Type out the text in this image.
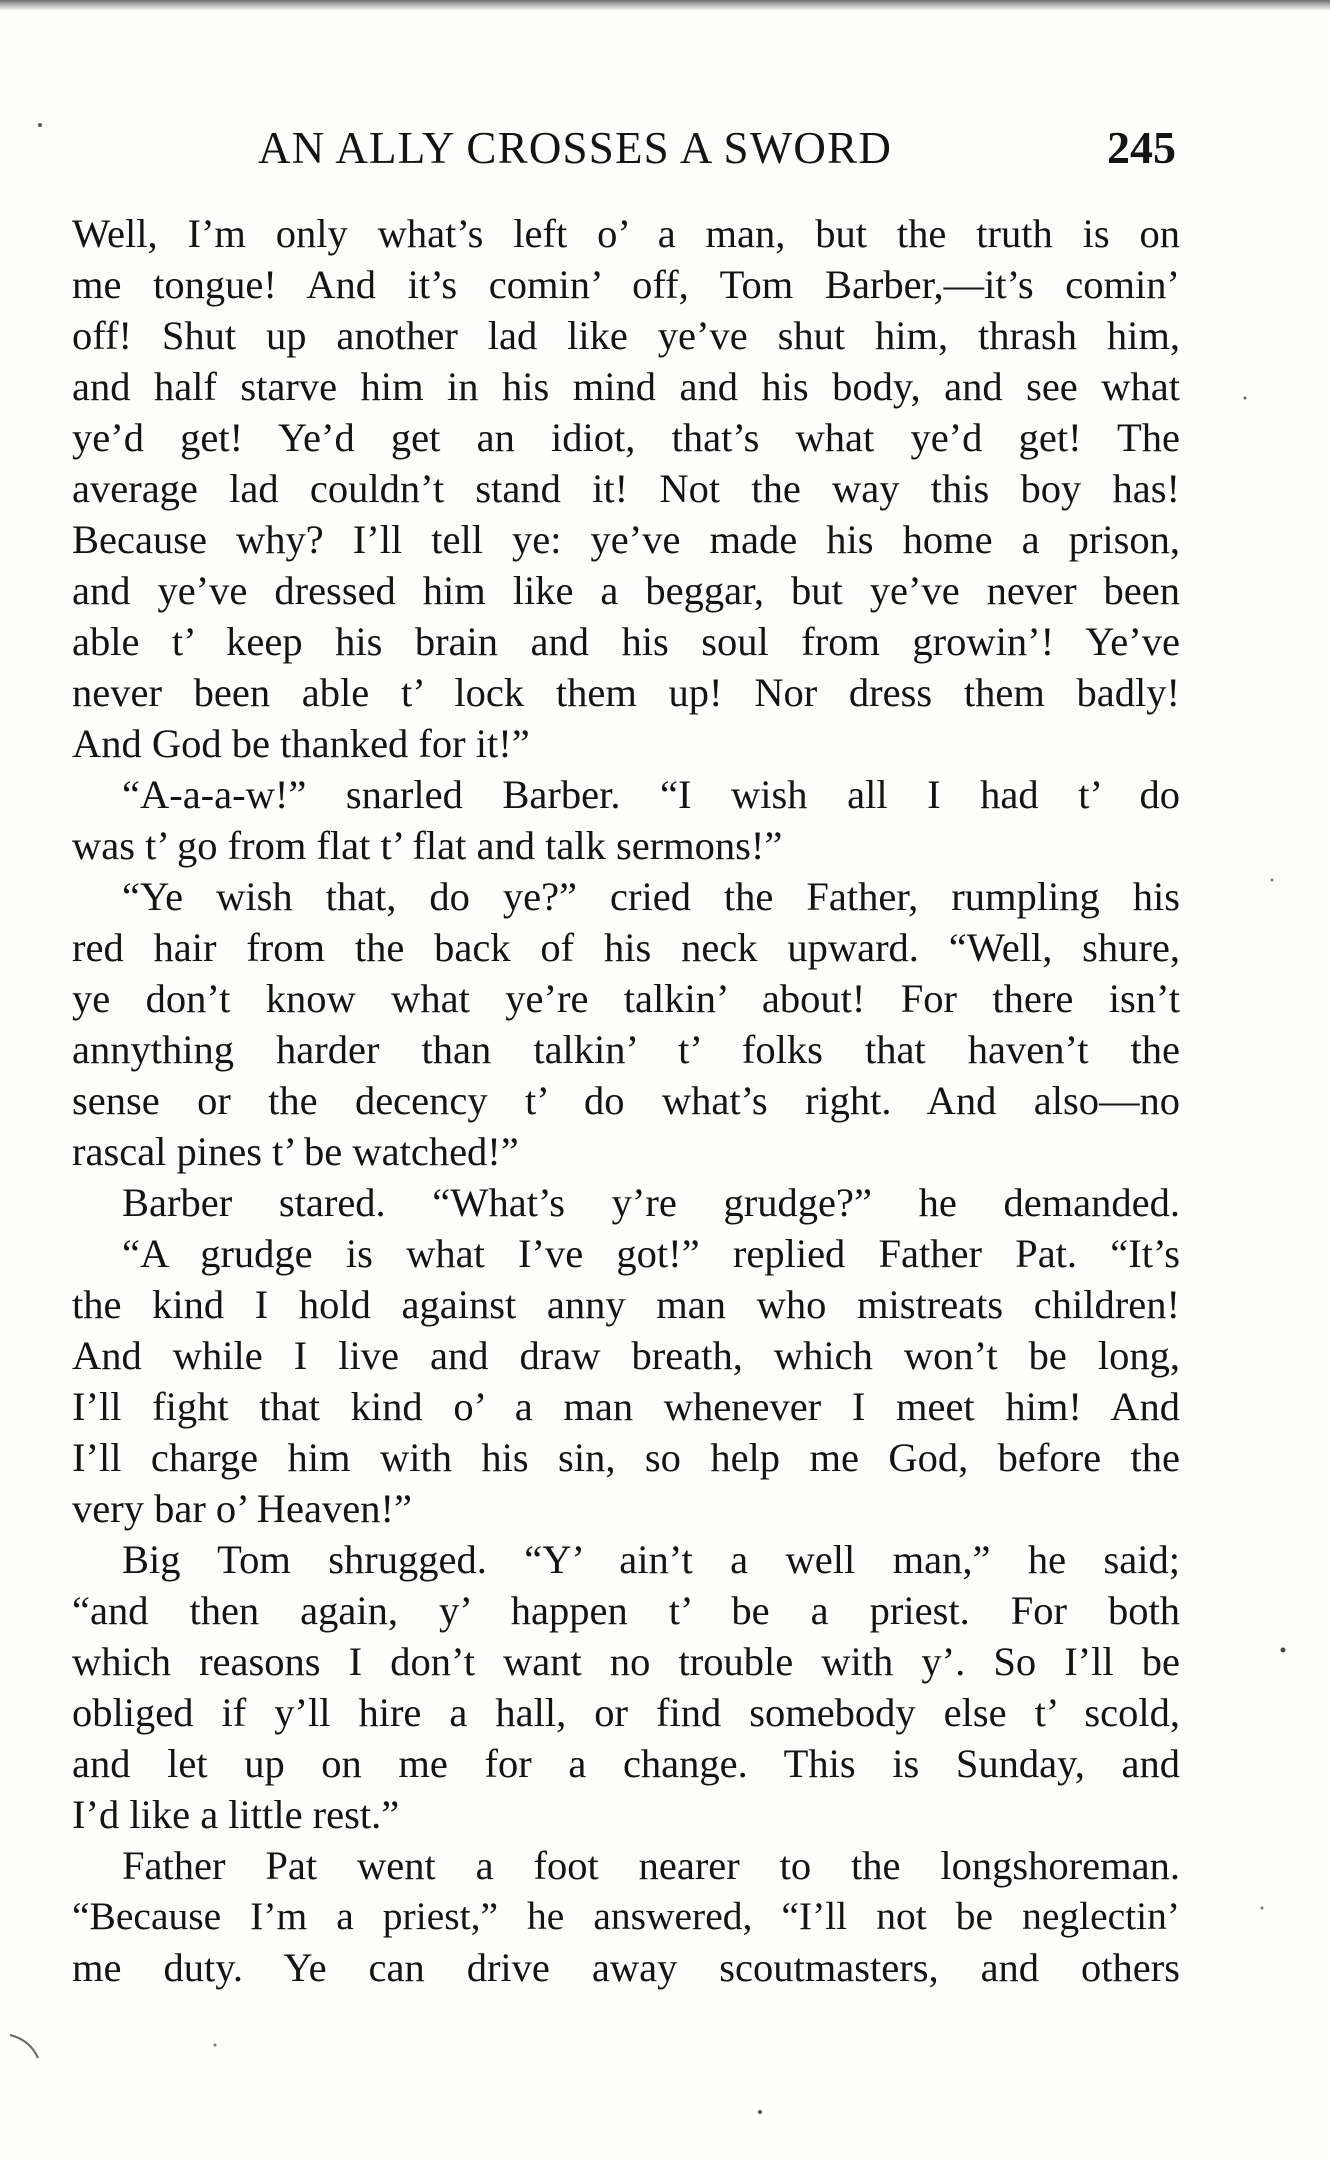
AN ALLY CROSSES A SWORD	245
Well, I’m only what’s left o’ a man, but the truth is on
me tongue! And it’s comin’ off, Tom Barber,—it’s comin’
off! Shut up another lad like ye’ve shut him, thrash him,
and half starve him in his mind and his body, and see what
ye’d get! Ye’d get an idiot, that’s what ye’d get! The
average lad couldn’t stand it! Not the way this boy has!
Because why? I’ll tell ye: ye’ve made his home a prison,
and ye’ve dressed him like a beggar, but ye’ve never been
able t’ keep his brain and his soul from growin’! Ye’ve
never been able t’ lock them up! Nor dress them badly!
And God be thanked for it!”
“A-a-a-w!” snarled Barber. “I wish all I had t’ do
was t’ go from flat t’ flat and talk sermons!”
“Ye wish that, do ye?” cried the Father, rumpling his
red hair from the back of his neck upward. “Well, shure,
ye don’t know what ye’re talkin’ about! For there isn’t
annything harder than talkin’ t’ folks that haven’t the
sense or the decency t’ do what’s right. And also—no
rascal pines t’ be watched!”
Barber stared. “What’s y’re grudge?” he demanded.
“A grudge is what I’ve got!” replied Father Pat. “It’s
the kind I hold against anny man who mistreats children!
And while I live and draw breath, which won’t be long,
I’ll fight that kind o’ a man whenever I meet him! And
I’ll charge him with his sin, so help me God, before the
very bar o’ Heaven!”
Big Tom shrugged. “Y’ ain’t a well man,” he said;
“and then again, y’ happen t’ be a priest. For both
which reasons I don’t want no trouble with y’. So I’ll be
obliged if y’ll hire a hall, or find somebody else t’ scold,
and let up on me for a change. This is Sunday, and
I’d like a little rest.”
Father Pat went a foot nearer to the longshoreman.
“Because I’m a priest,” he answered, “I’ll not be neglectin’
me duty. Ye can drive away scoutmasters, and others
